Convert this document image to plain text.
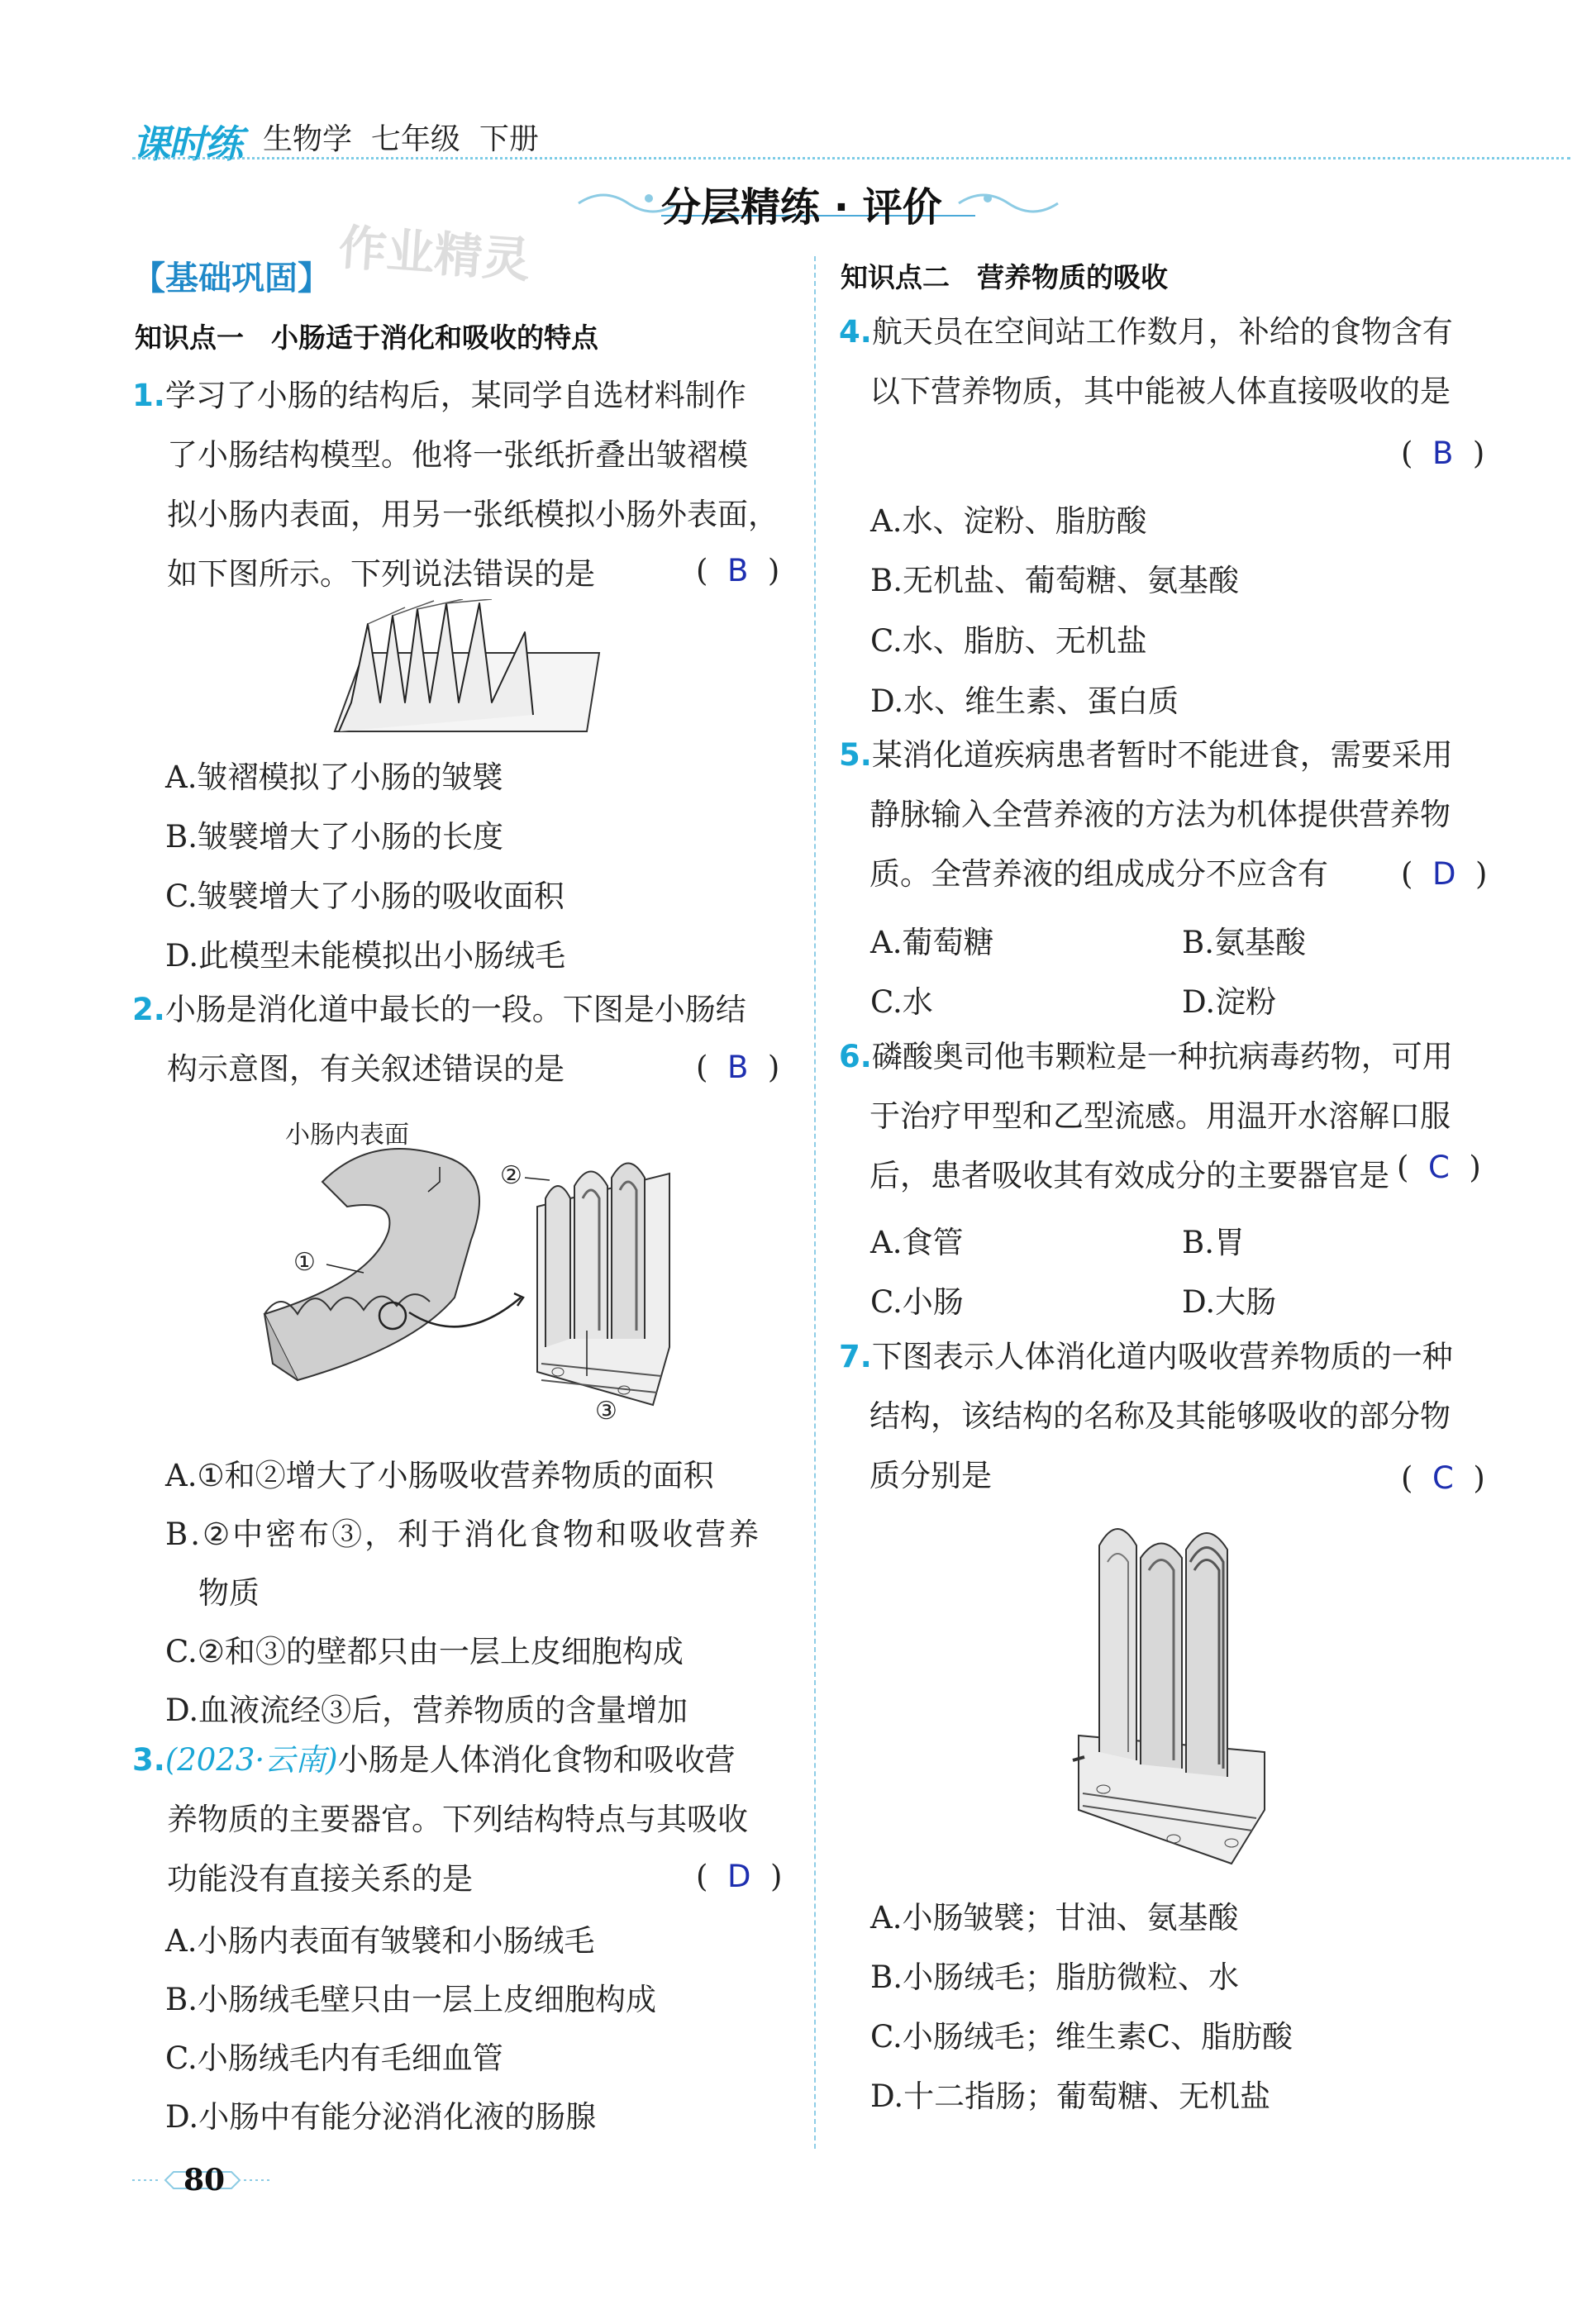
课时练 生物学 七年级 下册
分层精练 · 评价
作业精灵
【基础巩固】
知识点一　小肠适于消化和吸收的特点
1.学习了小肠的结构后，某同学自选材料制作
了小肠结构模型。他将一张纸折叠出皱褶模
拟小肠内表面，用另一张纸模拟小肠外表面，
如下图所示。下列说法错误的是	(  B  )
A.皱褶模拟了小肠的皱襞
B.皱襞增大了小肠的长度
C.皱襞增大了小肠的吸收面积
D.此模型未能模拟出小肠绒毛
2.小肠是消化道中最长的一段。下图是小肠结
构示意图，有关叙述错误的是	(  B  )
小肠内表面
①
②
③
A.①和②增大了小肠吸收营养物质的面积
B.②中密布③，利于消化食物和吸收营养
物质
C.②和③的壁都只由一层上皮细胞构成
D.血液流经③后，营养物质的含量增加
3.(2023·云南)小肠是人体消化食物和吸收营
养物质的主要器官。下列结构特点与其吸收
功能没有直接关系的是	(  D  )
A.小肠内表面有皱襞和小肠绒毛
B.小肠绒毛壁只由一层上皮细胞构成
C.小肠绒毛内有毛细血管
D.小肠中有能分泌消化液的肠腺
知识点二　营养物质的吸收
4.航天员在空间站工作数月，补给的食物含有
以下营养物质，其中能被人体直接吸收的是
(  B  )
A.水、淀粉、脂肪酸
B.无机盐、葡萄糖、氨基酸
C.水、脂肪、无机盐
D.水、维生素、蛋白质
5.某消化道疾病患者暂时不能进食，需要采用
静脉输入全营养液的方法为机体提供营养物
质。全营养液的组成成分不应含有	(  D  )
A.葡萄糖	B.氨基酸
C.水	D.淀粉
6.磷酸奥司他韦颗粒是一种抗病毒药物，可用
于治疗甲型和乙型流感。用温开水溶解口服
后，患者吸收其有效成分的主要器官是 (  C  )
A.食管	B.胃
C.小肠	D.大肠
7.下图表示人体消化道内吸收营养物质的一种
结构，该结构的名称及其能够吸收的部分物
质分别是	(  C  )
A.小肠皱襞；甘油、氨基酸
B.小肠绒毛；脂肪微粒、水
C.小肠绒毛；维生素C、脂肪酸
D.十二指肠；葡萄糖、无机盐
80
